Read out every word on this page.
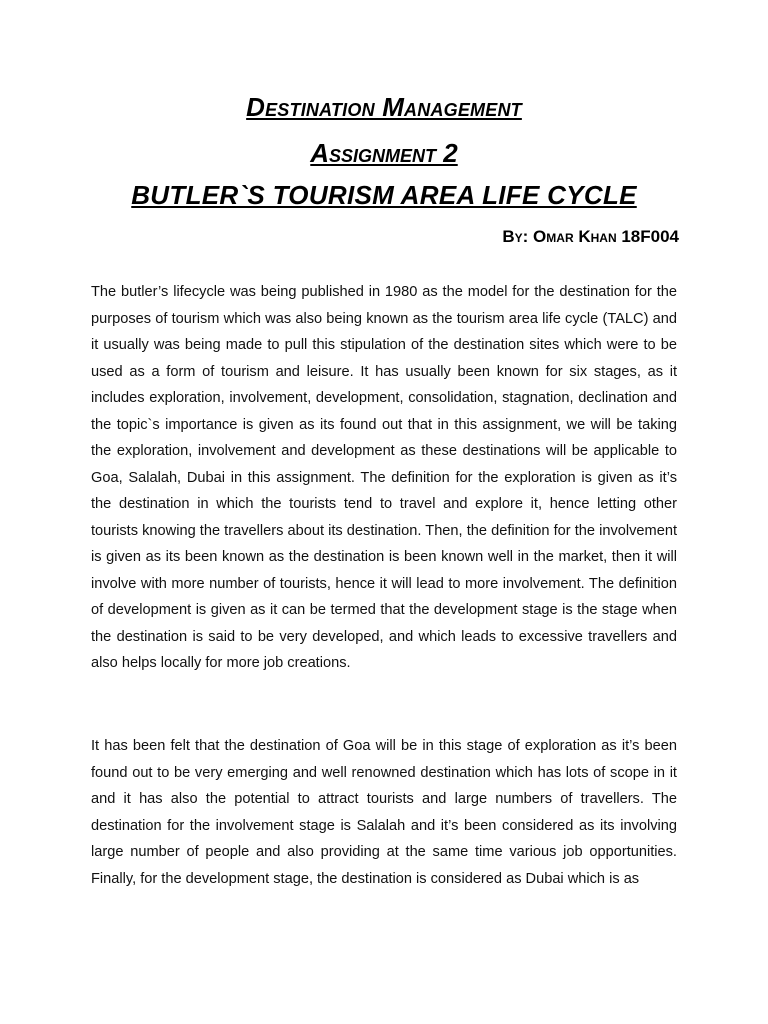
Destination Management
Assignment 2
BUTLER`S TOURISM AREA LIFE CYCLE

By: Omar Khan 18F004

The butler’s lifecycle was being published in 1980 as the model for the destination for the purposes of tourism which was also being known as the tourism area life cycle (TALC) and it usually was being made to pull this stipulation of the destination sites which were to be used as a form of tourism and leisure. It has usually been known for six stages, as it includes exploration, involvement, development, consolidation, stagnation, declination and the topic`s importance is given as its found out that in this assignment, we will be taking the exploration, involvement and development as these destinations will be applicable to Goa, Salalah, Dubai in this assignment. The definition for the exploration is given as it’s the destination in which the tourists tend to travel and explore it, hence letting other tourists knowing the travellers about its destination. Then, the definition for the involvement is given as its been known as the destination is been known well in the market, then it will involve with more number of tourists, hence it will lead to more involvement. The definition of development is given as it can be termed that the development stage is the stage when the destination is said to be very developed, and which leads to excessive travellers and also helps locally for more job creations.

It has been felt that the destination of Goa will be in this stage of exploration as it’s been found out to be very emerging and well renowned destination which has lots of scope in it and it has also the potential to attract tourists and large numbers of travellers. The destination for the involvement stage is Salalah and it’s been considered as its involving large number of people and also providing at the same time various job opportunities. Finally, for the development stage, the destination is considered as Dubai which is as
